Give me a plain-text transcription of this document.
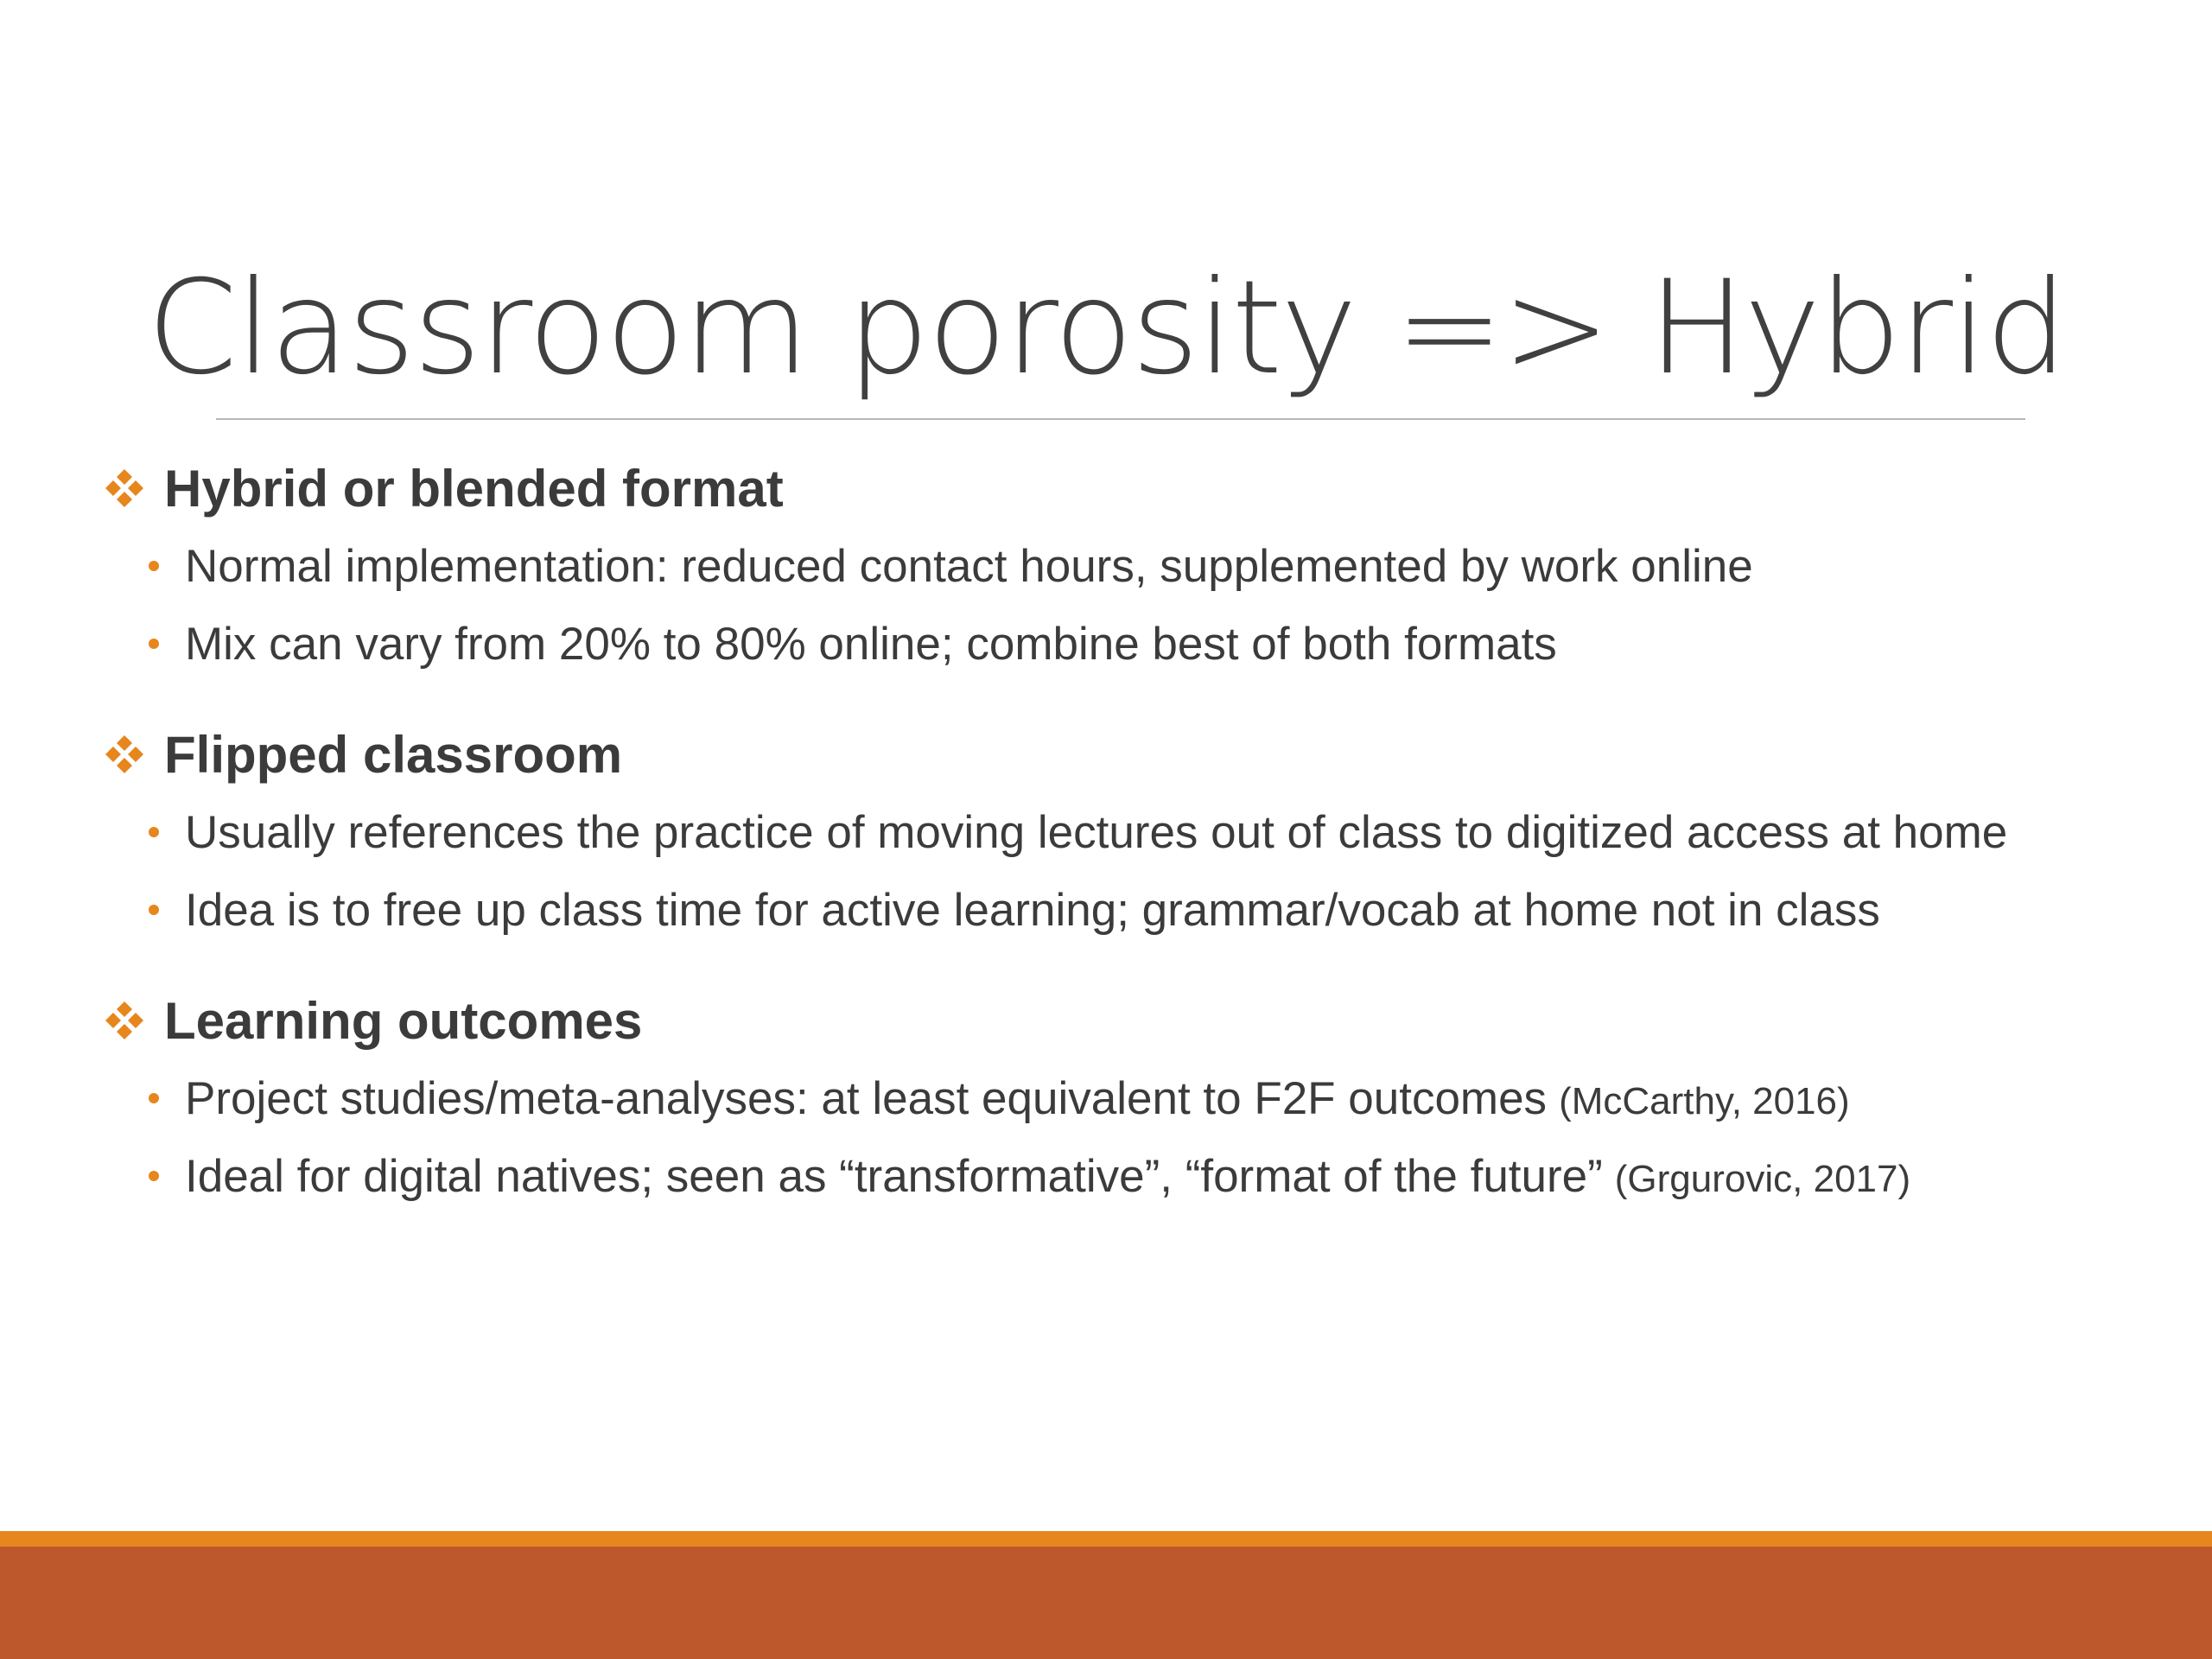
Classroom porosity => Hybrid
Hybrid or blended format
Normal implementation: reduced contact hours, supplemented by work online
Mix can vary from 20% to 80% online; combine best of both formats
Flipped classroom
Usually references the practice of moving lectures out of class to digitized access at home
Idea is to free up class time for active learning; grammar/vocab at home not in class
Learning outcomes
Project studies/meta-analyses: at least equivalent to F2F outcomes (McCarthy, 2016)
Ideal for digital natives; seen as “transformative”, “format of the future” (Grgurovic, 2017)
